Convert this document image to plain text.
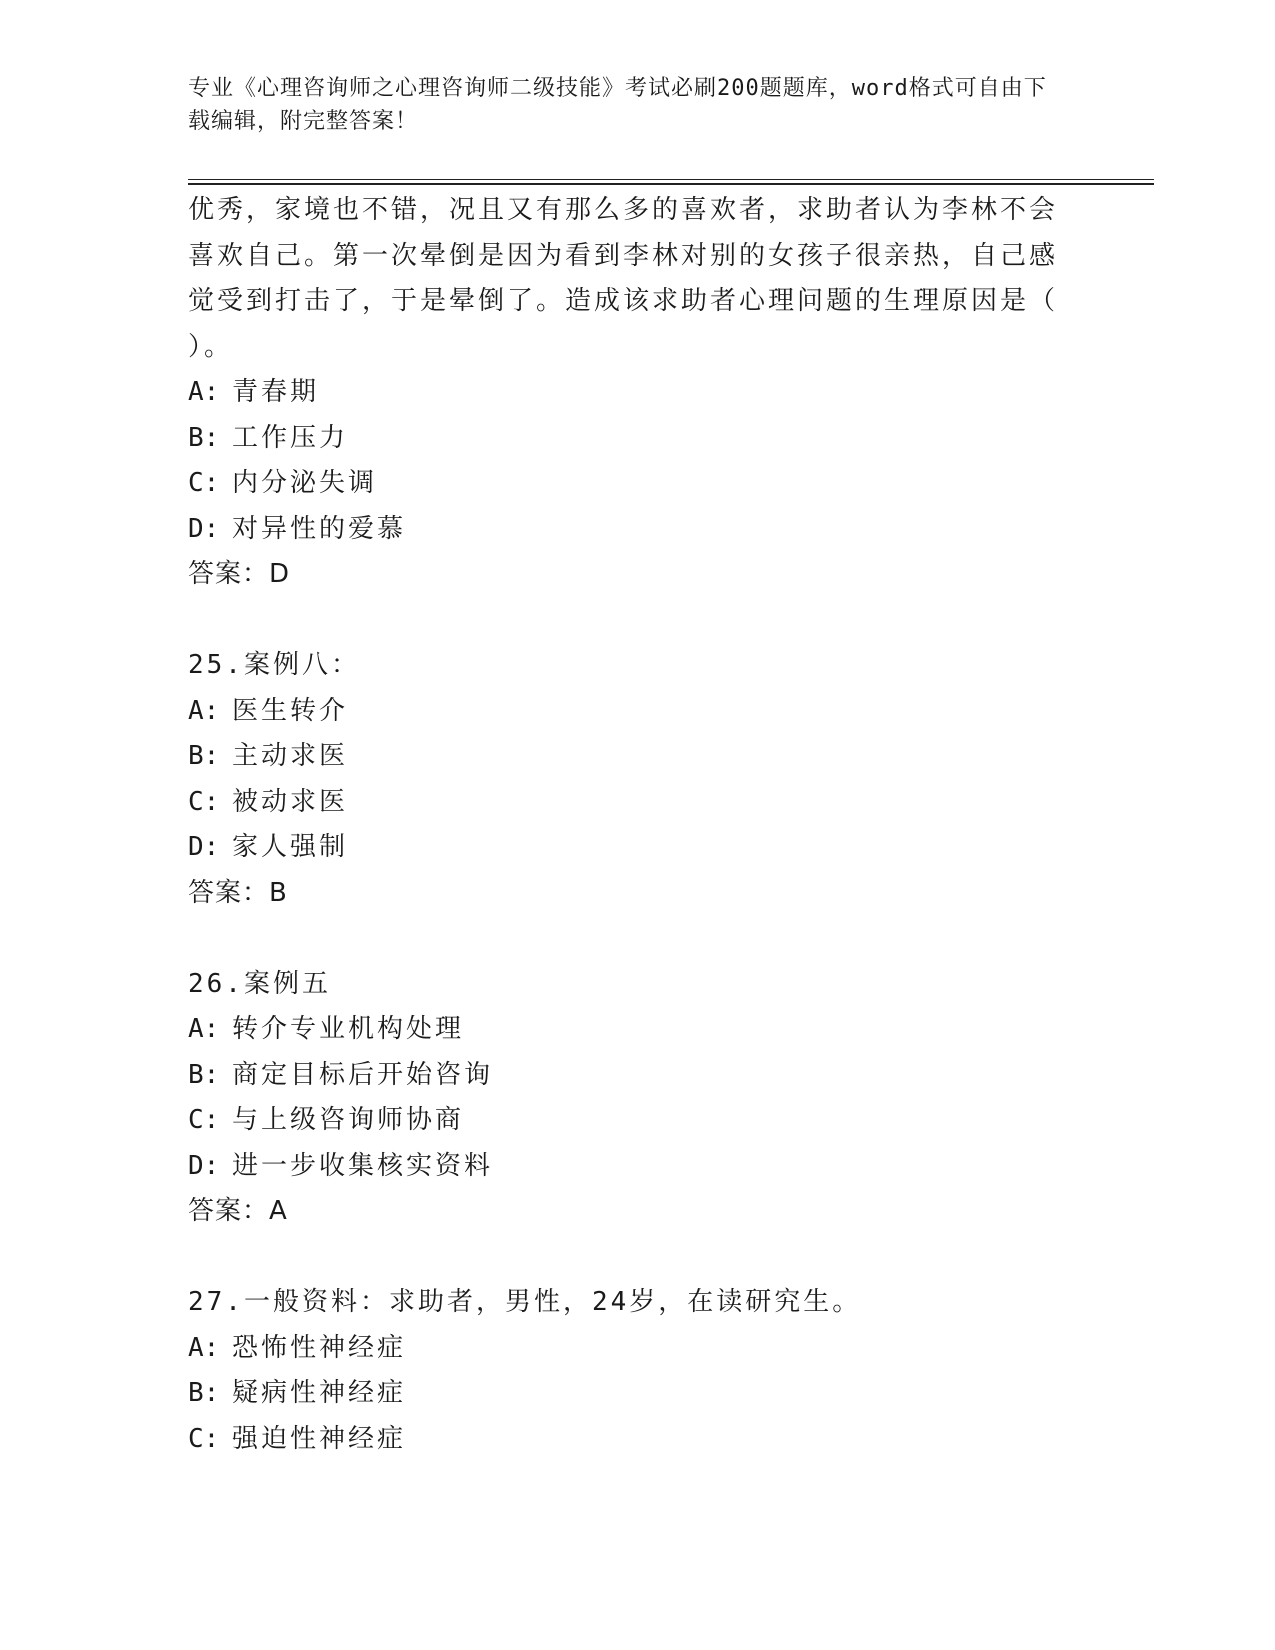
专业《心理咨询师之心理咨询师二级技能》考试必刷200题题库，word格式可自由下载编辑，附完整答案！
优秀，家境也不错，况且又有那么多的喜欢者，求助者认为李林不会
喜欢自己。第一次晕倒是因为看到李林对别的女孩子很亲热，自己感
觉受到打击了，于是晕倒了。造成该求助者心理问题的生理原因是（
）。
A: 青春期
B: 工作压力
C: 内分泌失调
D: 对异性的爱慕
答案：D
25.案例八：
A: 医生转介
B: 主动求医
C: 被动求医
D: 家人强制
答案：B
26.案例五
A: 转介专业机构处理
B: 商定目标后开始咨询
C: 与上级咨询师协商
D: 进一步收集核实资料
答案：A
27.一般资料：求助者，男性，24岁，在读研究生。
A: 恐怖性神经症
B: 疑病性神经症
C: 强迫性神经症
